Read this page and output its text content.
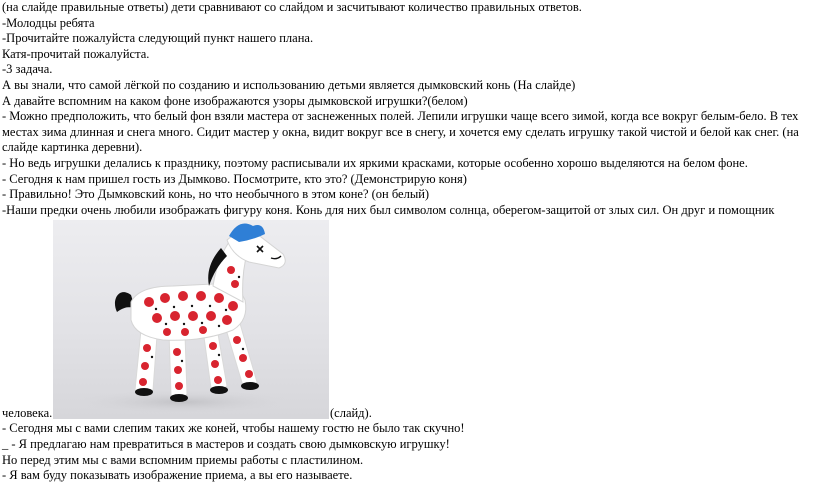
(на слайде правильные ответы) дети сравнивают со слайдом и засчитывают количество правильных ответов.
-Молодцы ребята
-Прочитайте пожалуйста следующий пункт нашего плана.
Катя-прочитай пожалуйста.
-3 задача.
А вы знали, что самой лёгкой по созданию и использованию детьми является дымковский конь (На слайде)
А давайте вспомним на каком фоне изображаются узоры дымковской игрушки?(белом)
- Можно предположить, что белый фон взяли мастера от заснеженных полей. Лепили игрушки чаще всего зимой, когда все вокруг белым-бело. В тех местах зима длинная и снега много. Сидит мастер у окна, видит вокруг все в снегу, и хочется ему сделать игрушку такой чистой и белой как снег. (на слайде картинка деревни).
- Но ведь игрушки делались к празднику, поэтому расписывали их яркими красками, которые особенно хорошо выделяются на белом фоне.
- Сегодня к нам пришел гость из Дымково. Посмотрите, кто это? (Демонстрирую коня)
- Правильно! Это Дымковский конь, но что необычного в этом коне? (он белый)
-Наши предки очень любили изображать фигуру коня. Конь для них был символом солнца, оберегом-защитой от злых сил. Он друг и помощник
человека.	(слайд).
- Сегодня мы с вами слепим таких же коней, чтобы нашему гостю не было так скучно!
_ - Я предлагаю нам превратиться в мастеров и создать свою дымковскую игрушку!
Но перед этим мы с вами вспомним приемы работы с пластилином.
- Я вам буду показывать изображение приема, а вы его называете.
